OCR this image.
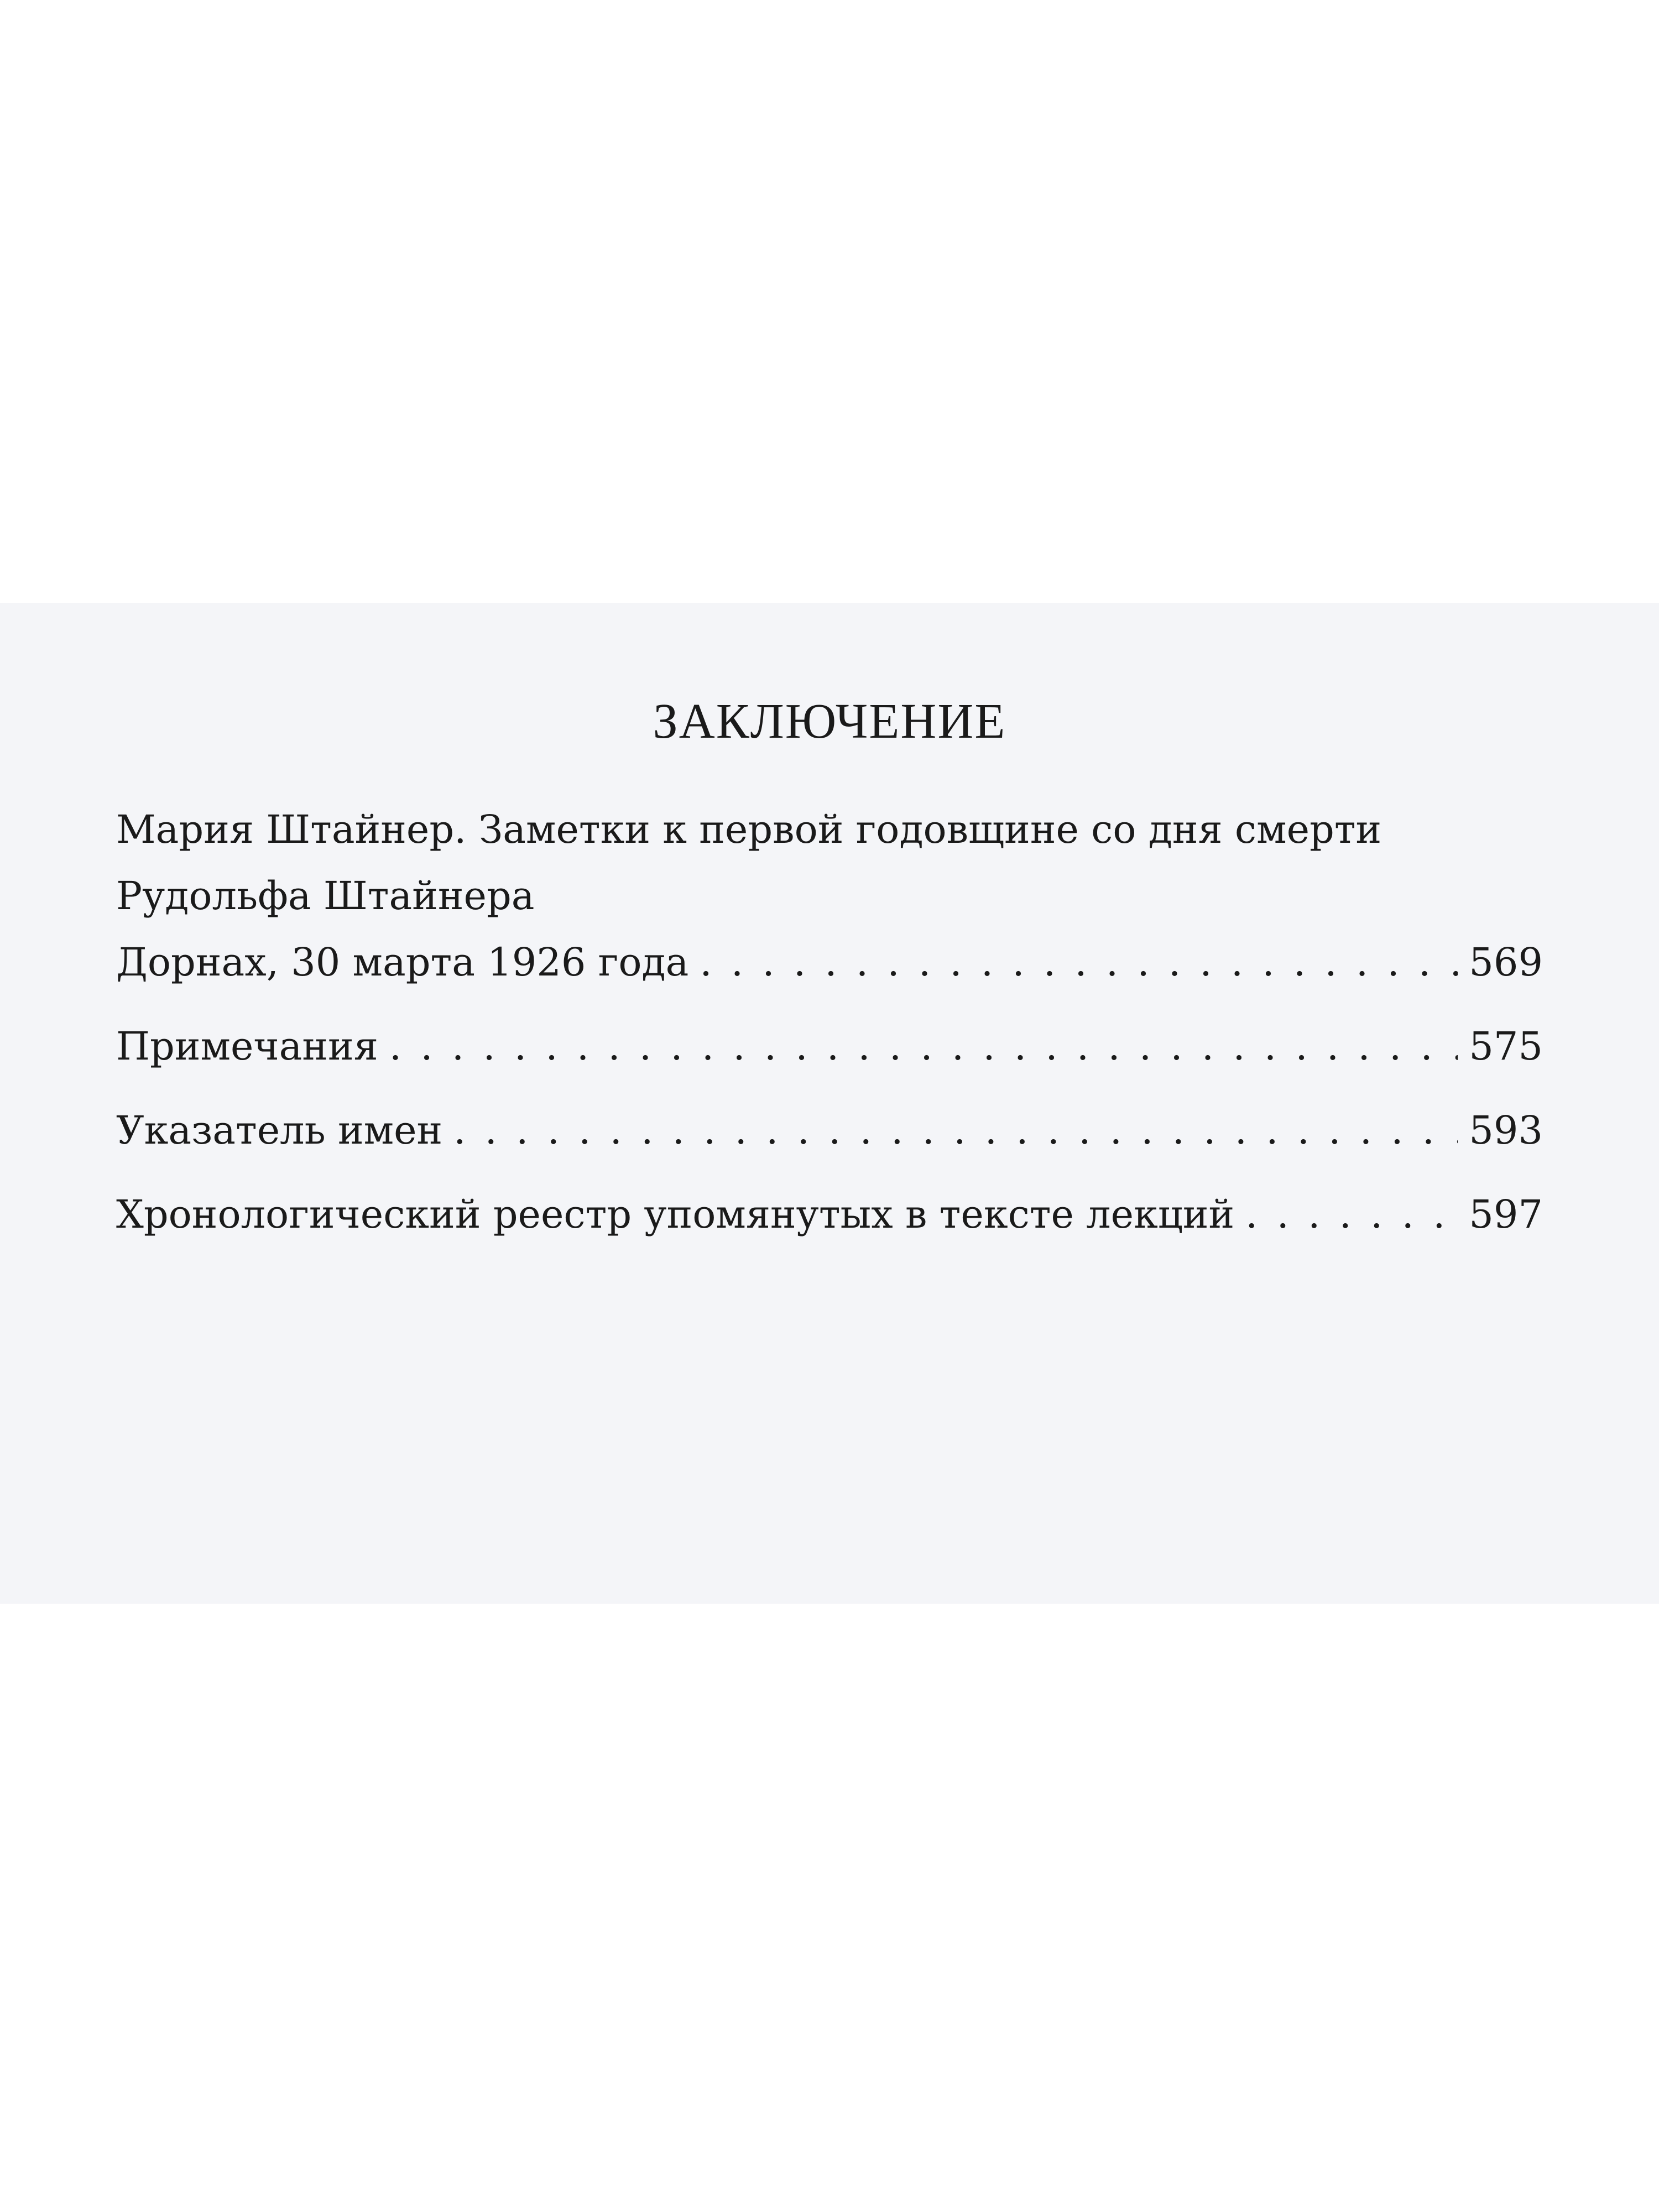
ЗАКЛЮЧЕНИЕ
Мария Штайнер. Заметки к первой годовщине со дня смерти
Рудольфа Штайнера
Дорнах, 30 марта 1926 года . . .	569
Примечания . . .	575
Указатель имен . . .	593
Хронологический реестр упомянутых в тексте лекций . . .	597
